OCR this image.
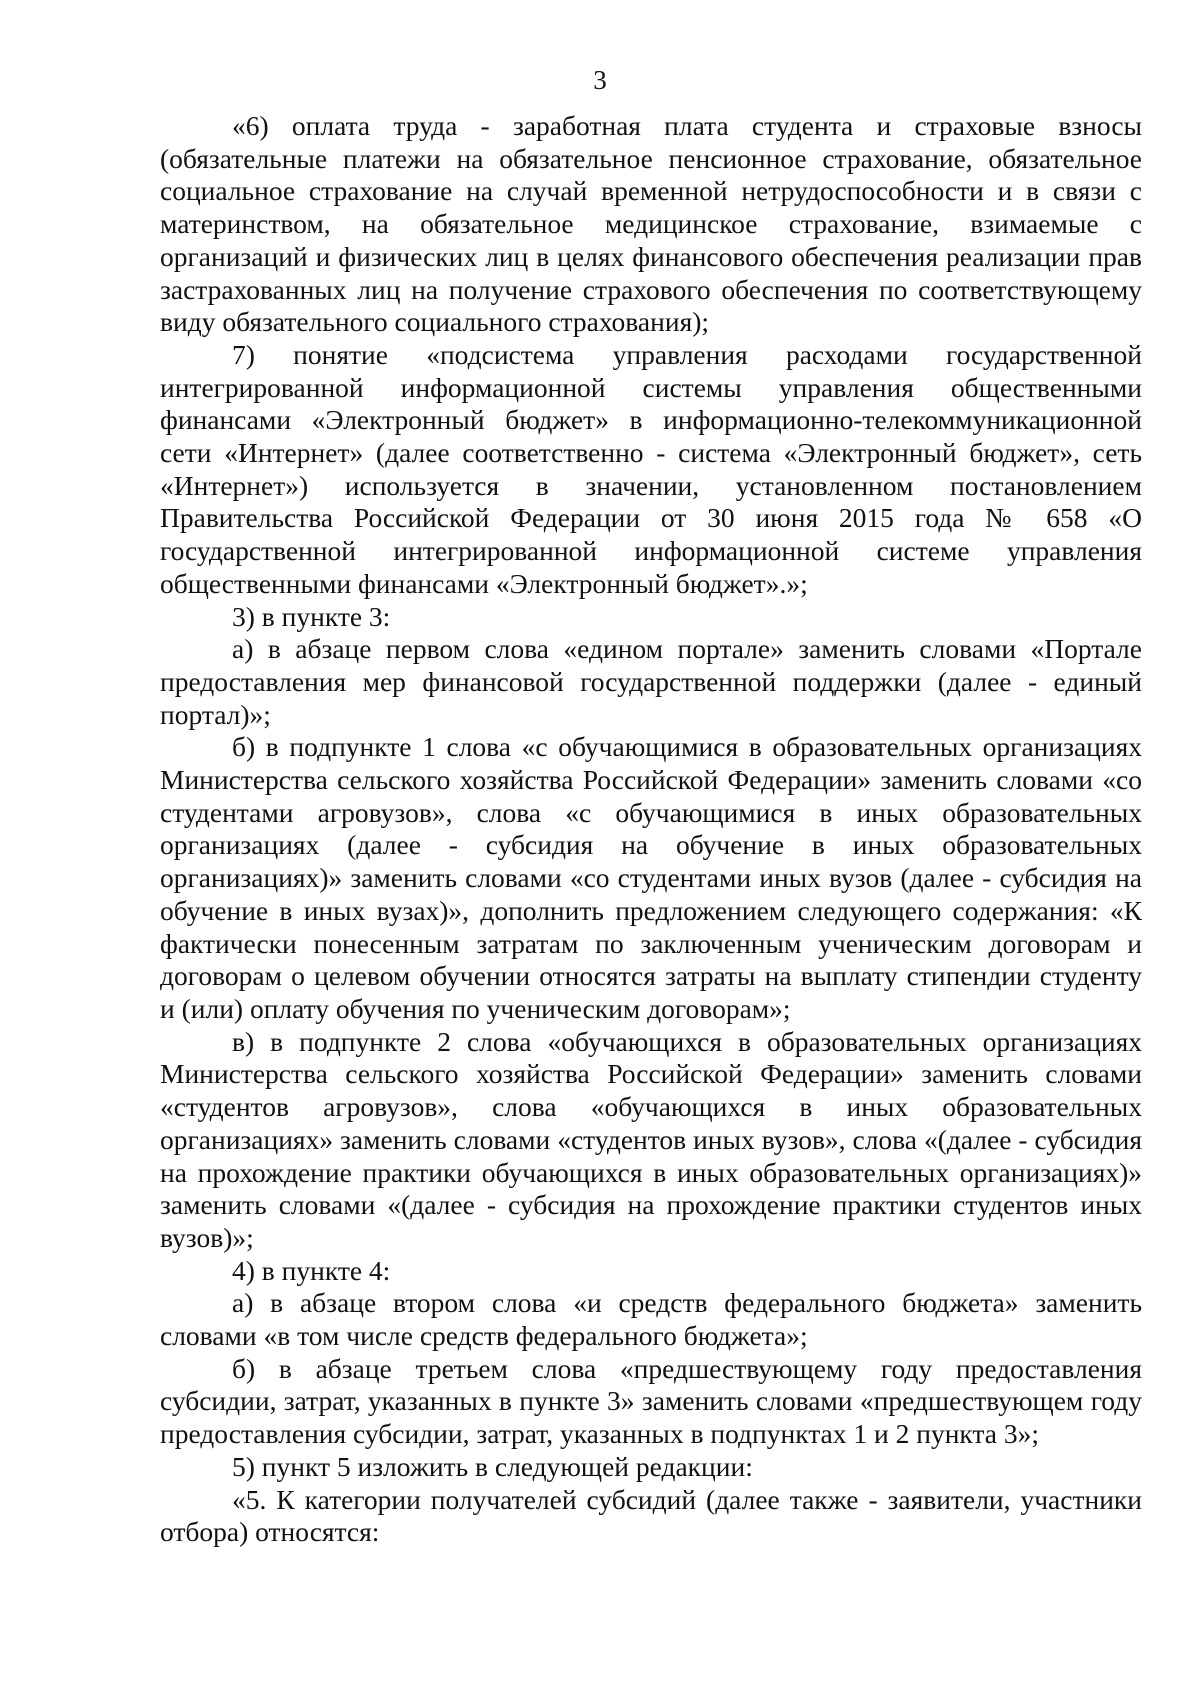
3

«6) оплата труда - заработная плата студента и страховые взносы (обязательные платежи на обязательное пенсионное страхование, обязательное социальное страхование на случай временной нетрудоспособности и в связи с материнством, на обязательное медицинское страхование, взимаемые с организаций и физических лиц в целях финансового обеспечения реализации прав застрахованных лиц на получение страхового обеспечения по соответствующему виду обязательного социального страхования);

7) понятие «подсистема управления расходами государственной интегрированной информационной системы управления общественными финансами «Электронный бюджет» в информационно-телекоммуникационной сети «Интернет» (далее соответственно - система «Электронный бюджет», сеть «Интернет») используется в значении, установленном постановлением Правительства Российской Федерации от 30 июня 2015 года № 658 «О государственной интегрированной информационной системе управления общественными финансами «Электронный бюджет».»;

3) в пункте 3:

а) в абзаце первом слова «едином портале» заменить словами «Портале предоставления мер финансовой государственной поддержки (далее - единый портал)»;

б) в подпункте 1 слова «с обучающимися в образовательных организациях Министерства сельского хозяйства Российской Федерации» заменить словами «со студентами агровузов», слова «с обучающимися в иных образовательных организациях (далее - субсидия на обучение в иных образовательных организациях)» заменить словами «со студентами иных вузов (далее - субсидия на обучение в иных вузах)», дополнить предложением следующего содержания: «К фактически понесенным затратам по заключенным ученическим договорам и договорам о целевом обучении относятся затраты на выплату стипендии студенту и (или) оплату обучения по ученическим договорам»;

в) в подпункте 2 слова «обучающихся в образовательных организациях Министерства сельского хозяйства Российской Федерации» заменить словами «студентов агровузов», слова «обучающихся в иных образовательных организациях» заменить словами «студентов иных вузов», слова «(далее - субсидия на прохождение практики обучающихся в иных образовательных организациях)» заменить словами «(далее - субсидия на прохождение практики студентов иных вузов)»;

4) в пункте 4:

а) в абзаце втором слова «и средств федерального бюджета» заменить словами «в том числе средств федерального бюджета»;

б) в абзаце третьем слова «предшествующему году предоставления субсидии, затрат, указанных в пункте 3» заменить словами «предшествующем году предоставления субсидии, затрат, указанных в подпунктах 1 и 2 пункта 3»;

5) пункт 5 изложить в следующей редакции:

«5. К категории получателей субсидий (далее также - заявители, участники отбора) относятся:
